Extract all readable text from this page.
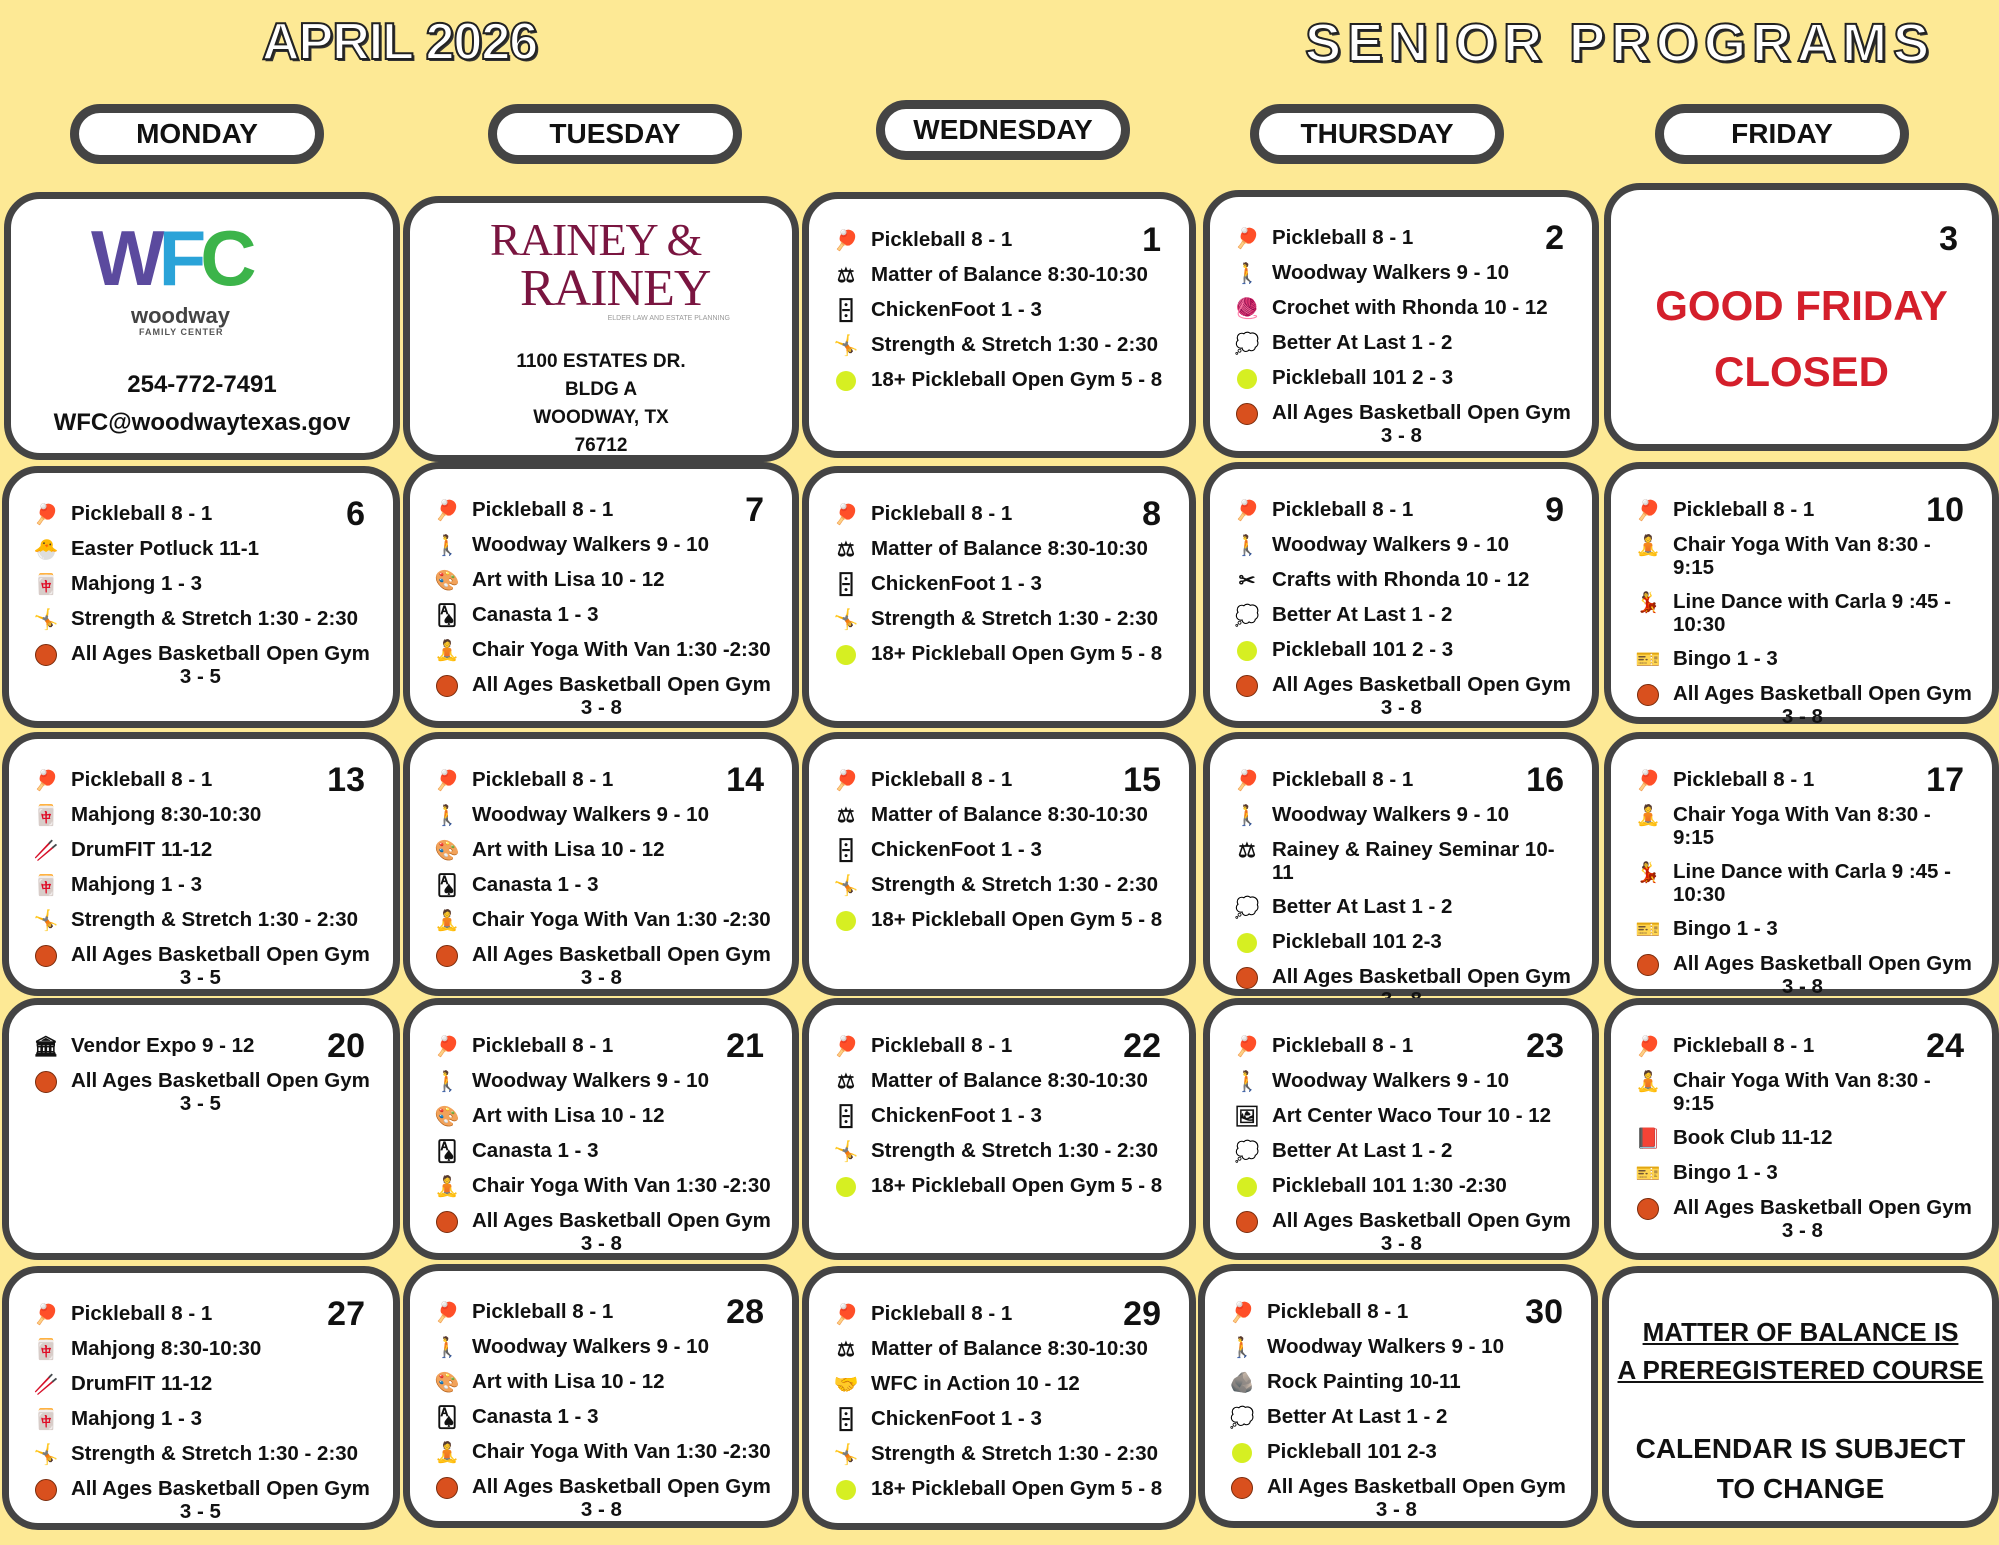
APRIL 2026	SENIOR PROGRAMS
MONDAY	TUESDAY	WEDNESDAY	THURSDAY	FRIDAY
WFC
woodway
FAMILY CENTER
254-772-7491
WFC@woodwaytexas.gov
RAINEY &
RAINEY
ELDER LAW AND ESTATE PLANNING
1100 ESTATES DR.
BLDG A
WOODWAY, TX
76712
1
🏓 Pickleball 8 - 1
⚖ Matter of Balance 8:30-10:30
🁫 ChickenFoot 1 - 3
🤸 Strength & Stretch 1:30 - 2:30
18+ Pickleball Open Gym 5 - 8
2
🏓 Pickleball 8 - 1
🚶 Woodway Walkers 9 - 10
🧶 Crochet with Rhonda 10 - 12
💭 Better At Last 1 - 2
Pickleball 101 2 - 3
All Ages Basketball Open Gym
3 - 8
3
GOOD FRIDAY
CLOSED
6
🏓 Pickleball 8 - 1
🐣 Easter Potluck 11-1
🀄 Mahjong 1 - 3
🤸 Strength & Stretch 1:30 - 2:30
All Ages Basketball Open Gym
3 - 5
7
🏓 Pickleball 8 - 1
🚶 Woodway Walkers 9 - 10
🎨 Art with Lisa 10 - 12
🂡 Canasta 1 - 3
🧘 Chair Yoga With Van 1:30 -2:30
All Ages Basketball Open Gym
3 - 8
8
🏓 Pickleball 8 - 1
⚖ Matter of Balance 8:30-10:30
🁫 ChickenFoot 1 - 3
🤸 Strength & Stretch 1:30 - 2:30
18+ Pickleball Open Gym 5 - 8
9
🏓 Pickleball 8 - 1
🚶 Woodway Walkers 9 - 10
✂ Crafts with Rhonda 10 - 12
💭 Better At Last 1 - 2
Pickleball 101 2 - 3
All Ages Basketball Open Gym
3 - 8
10
🏓 Pickleball 8 - 1
🧘 Chair Yoga With Van 8:30 - 9:15
💃 Line Dance with Carla 9 :45 - 10:30
🎫 Bingo 1 - 3
All Ages Basketball Open Gym
3 - 8
13
🏓 Pickleball 8 - 1
🀄 Mahjong 8:30-10:30
🥢 DrumFIT 11-12
🀄 Mahjong 1 - 3
🤸 Strength & Stretch 1:30 - 2:30
All Ages Basketball Open Gym
3 - 5
14
🏓 Pickleball 8 - 1
🚶 Woodway Walkers 9 - 10
🎨 Art with Lisa 10 - 12
🂡 Canasta 1 - 3
🧘 Chair Yoga With Van 1:30 -2:30
All Ages Basketball Open Gym
3 - 8
15
🏓 Pickleball 8 - 1
⚖ Matter of Balance 8:30-10:30
🁫 ChickenFoot 1 - 3
🤸 Strength & Stretch 1:30 - 2:30
18+ Pickleball Open Gym 5 - 8
16
🏓 Pickleball 8 - 1
🚶 Woodway Walkers 9 - 10
⚖ Rainey & Rainey Seminar 10-11
💭 Better At Last 1 - 2
Pickleball 101 2-3
All Ages Basketball Open Gym
17
🏓 Pickleball 8 - 1
🧘 Chair Yoga With Van 8:30 - 9:15
💃 Line Dance with Carla 9 :45 - 10:30
🎫 Bingo 1 - 3
All Ages Basketball Open Gym
3 - 8
20
🏛 Vendor Expo 9 - 12
All Ages Basketball Open Gym
3 - 5
21
🏓 Pickleball 8 - 1
🚶 Woodway Walkers 9 - 10
🎨 Art with Lisa 10 - 12
🂡 Canasta 1 - 3
🧘 Chair Yoga With Van 1:30 -2:30
All Ages Basketball Open Gym
3 - 8
22
🏓 Pickleball 8 - 1
⚖ Matter of Balance 8:30-10:30
🁫 ChickenFoot 1 - 3
🤸 Strength & Stretch 1:30 - 2:30
18+ Pickleball Open Gym 5 - 8
23
🏓 Pickleball 8 - 1
🚶 Woodway Walkers 9 - 10
🖼 Art Center Waco Tour 10 - 12
💭 Better At Last 1 - 2
Pickleball 101 1:30 -2:30
All Ages Basketball Open Gym
3 - 8
24
🏓 Pickleball 8 - 1
🧘 Chair Yoga With Van 8:30 - 9:15
📕 Book Club 11-12
🎫 Bingo 1 - 3
All Ages Basketball Open Gym
3 - 8
27
🏓 Pickleball 8 - 1
🀄 Mahjong 8:30-10:30
🥢 DrumFIT 11-12
🀄 Mahjong 1 - 3
🤸 Strength & Stretch 1:30 - 2:30
All Ages Basketball Open Gym
3 - 5
28
🏓 Pickleball 8 - 1
🚶 Woodway Walkers 9 - 10
🎨 Art with Lisa 10 - 12
🂡 Canasta 1 - 3
🧘 Chair Yoga With Van 1:30 -2:30
All Ages Basketball Open Gym
3 - 8
29
🏓 Pickleball 8 - 1
⚖ Matter of Balance 8:30-10:30
🤝 WFC in Action 10 - 12
🁫 ChickenFoot 1 - 3
🤸 Strength & Stretch 1:30 - 2:30
18+ Pickleball Open Gym 5 - 8
30
🏓 Pickleball 8 - 1
🚶 Woodway Walkers 9 - 10
🪨 Rock Painting 10-11
💭 Better At Last 1 - 2
Pickleball 101 2-3
All Ages Basketball Open Gym
3 - 8
MATTER OF BALANCE IS
A PREREGISTERED COURSE
CALENDAR IS SUBJECT
TO CHANGE
